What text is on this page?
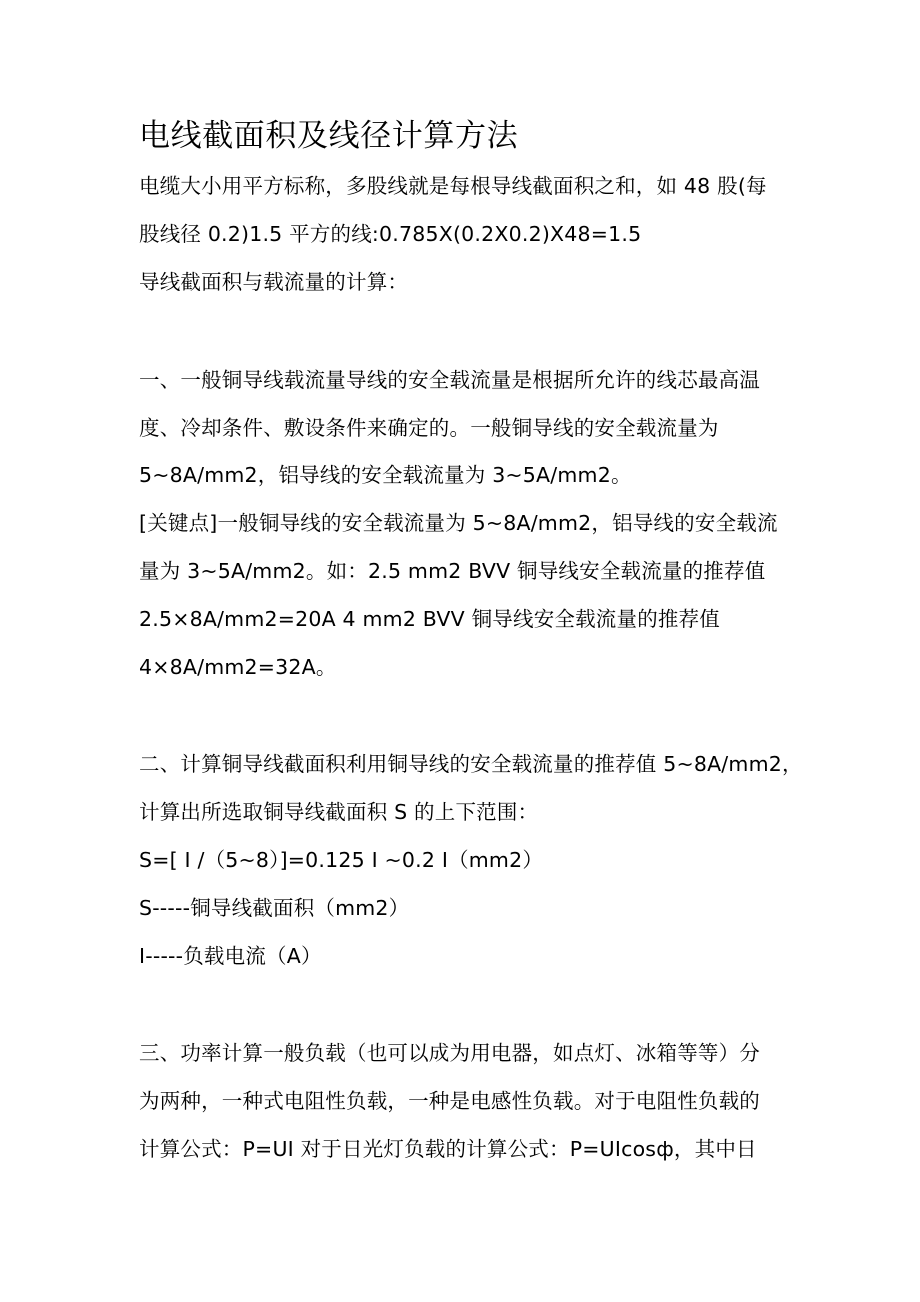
电线截面积及线径计算方法
电缆大小用平方标称，多股线就是每根导线截面积之和，如 48 股(每
股线径 0.2)1.5 平方的线:0.785X(0.2X0.2)X48=1.5
导线截面积与载流量的计算：
一、一般铜导线载流量导线的安全载流量是根据所允许的线芯最高温
度、冷却条件、敷设条件来确定的。一般铜导线的安全载流量为
5~8A/mm2，铝导线的安全载流量为 3~5A/mm2。
[关键点]一般铜导线的安全载流量为 5~8A/mm2，铝导线的安全载流
量为 3~5A/mm2。如：2.5 mm2 BVV 铜导线安全载流量的推荐值
2.5×8A/mm2=20A 4 mm2 BVV 铜导线安全载流量的推荐值
4×8A/mm2=32A。
二、计算铜导线截面积利用铜导线的安全载流量的推荐值 5~8A/mm2，
计算出所选取铜导线截面积 S 的上下范围：
S=[ I /（5~8）]=0.125 I ~0.2 I（mm2）
S-----铜导线截面积（mm2）
I-----负载电流（A）
三、功率计算一般负载（也可以成为用电器，如点灯、冰箱等等）分
为两种，一种式电阻性负载，一种是电感性负载。对于电阻性负载的
计算公式：P=UI 对于日光灯负载的计算公式：P=UIcosф，其中日
